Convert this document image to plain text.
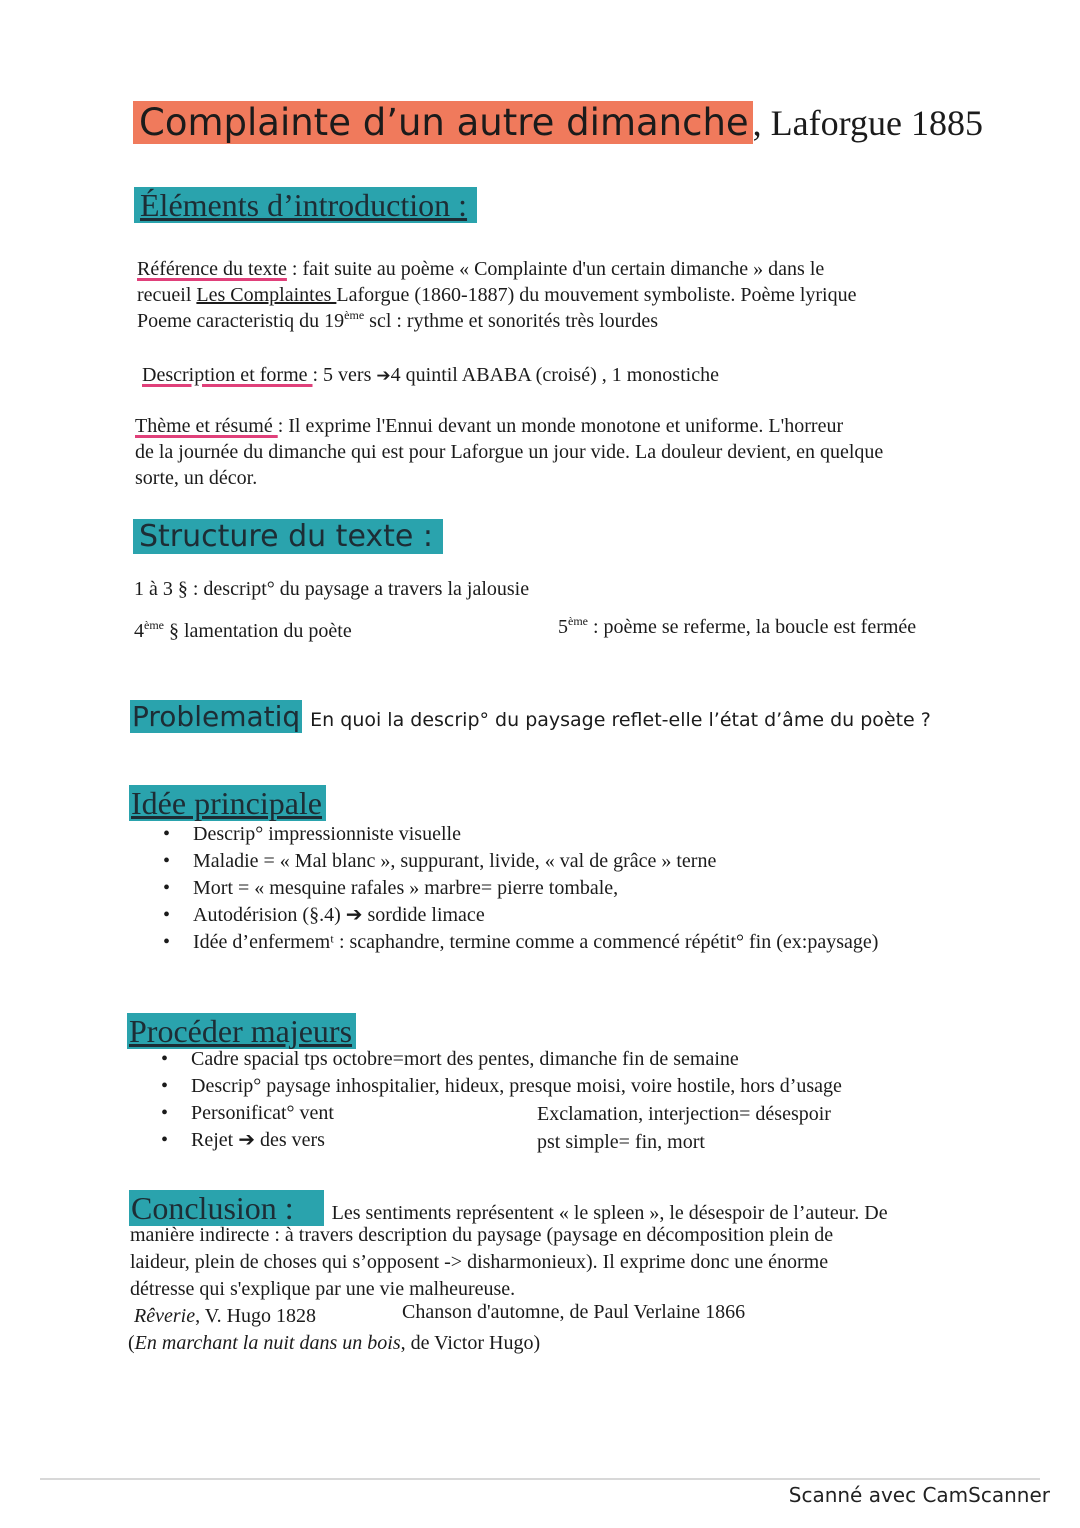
Complainte d’un autre dimanche , Laforgue 1885
Éléments d’introduction :
Référence du texte : fait suite au poème « Complainte d'un certain dimanche » dans le
recueil Les Complaintes Laforgue (1860-1887) du mouvement symboliste. Poème lyrique
Poeme caracteristiq du 19ème scl : rythme et sonorités très lourdes
Description et forme : 5 vers ➔4 quintil ABABA (croisé) , 1 monostiche
Thème et résumé : Il exprime l'Ennui devant un monde monotone et uniforme. L'horreur
de la journée du dimanche qui est pour Laforgue un jour vide. La douleur devient, en quelque
sorte, un décor.
Structure du texte :
1 à 3 § : descript° du paysage a travers la jalousie
4ème § lamentation du poète	5ème : poème se referme, la boucle est fermée
Problematiq En quoi la descrip° du paysage reflet-elle l’état d’âme du poète ?
Idée principale
• Descrip° impressionniste visuelle
• Maladie = « Mal blanc », suppurant, livide, « val de grâce » terne
• Mort = « mesquine rafales » marbre= pierre tombale,
• Autodérision (§.4) ➔ sordide limace
• Idée d’enfermemᵗ : scaphandre, termine comme a commencé répétit° fin (ex:paysage)
Procéder majeurs
• Cadre spacial tps octobre=mort des pentes, dimanche fin de semaine
• Descrip° paysage inhospitalier, hideux, presque moisi, voire hostile, hors d’usage
• Personificat° vent
• Rejet ➔ des vers
Exclamation, interjection= désespoir
pst simple= fin, mort
Conclusion : Les sentiments représentent « le spleen », le désespoir de l’auteur. De
manière indirecte : à travers description du paysage (paysage en décomposition plein de
laideur, plein de choses qui s’opposent -> disharmonieux). Il exprime donc une énorme
détresse qui s'explique par une vie malheureuse.
Rêverie, V. Hugo 1828	Chanson d'automne, de Paul Verlaine 1866
(En marchant la nuit dans un bois, de Victor Hugo)
Scanné avec CamScanner
